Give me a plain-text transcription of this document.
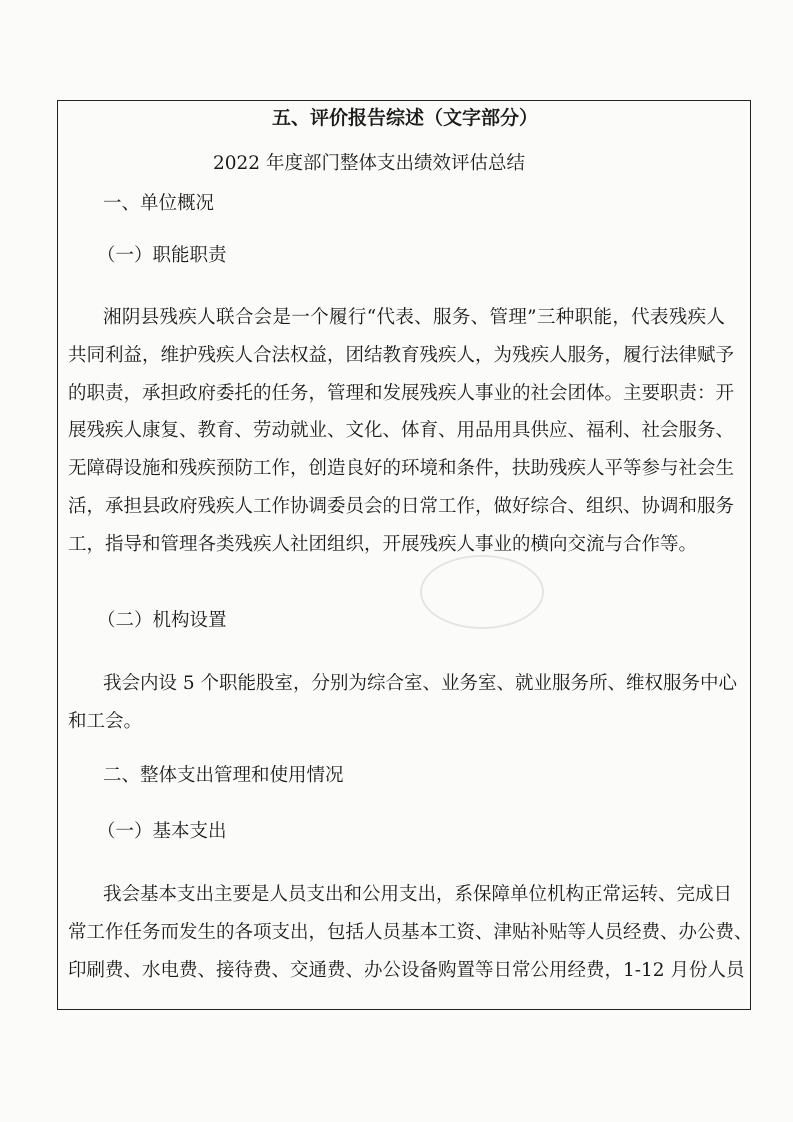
五、评价报告综述（文字部分）
2022 年度部门整体支出绩效评估总结
一、单位概况
（一）职能职责
湘阴县残疾人联合会是一个履行“代表、服务、管理”三种职能，代表残疾人
共同利益，维护残疾人合法权益，团结教育残疾人，为残疾人服务，履行法律赋予
的职责，承担政府委托的任务，管理和发展残疾人事业的社会团体。主要职责：开
展残疾人康复、教育、劳动就业、文化、体育、用品用具供应、福利、社会服务、
无障碍设施和残疾预防工作，创造良好的环境和条件，扶助残疾人平等参与社会生
活，承担县政府残疾人工作协调委员会的日常工作，做好综合、组织、协调和服务
工，指导和管理各类残疾人社团组织，开展残疾人事业的横向交流与合作等。
（二）机构设置
我会内设 5 个职能股室，分别为综合室、业务室、就业服务所、维权服务中心
和工会。
二、整体支出管理和使用情况
（一）基本支出
我会基本支出主要是人员支出和公用支出，系保障单位机构正常运转、完成日
常工作任务而发生的各项支出，包括人员基本工资、津贴补贴等人员经费、办公费、
印刷费、水电费、接待费、交通费、办公设备购置等日常公用经费，1-12 月份人员
